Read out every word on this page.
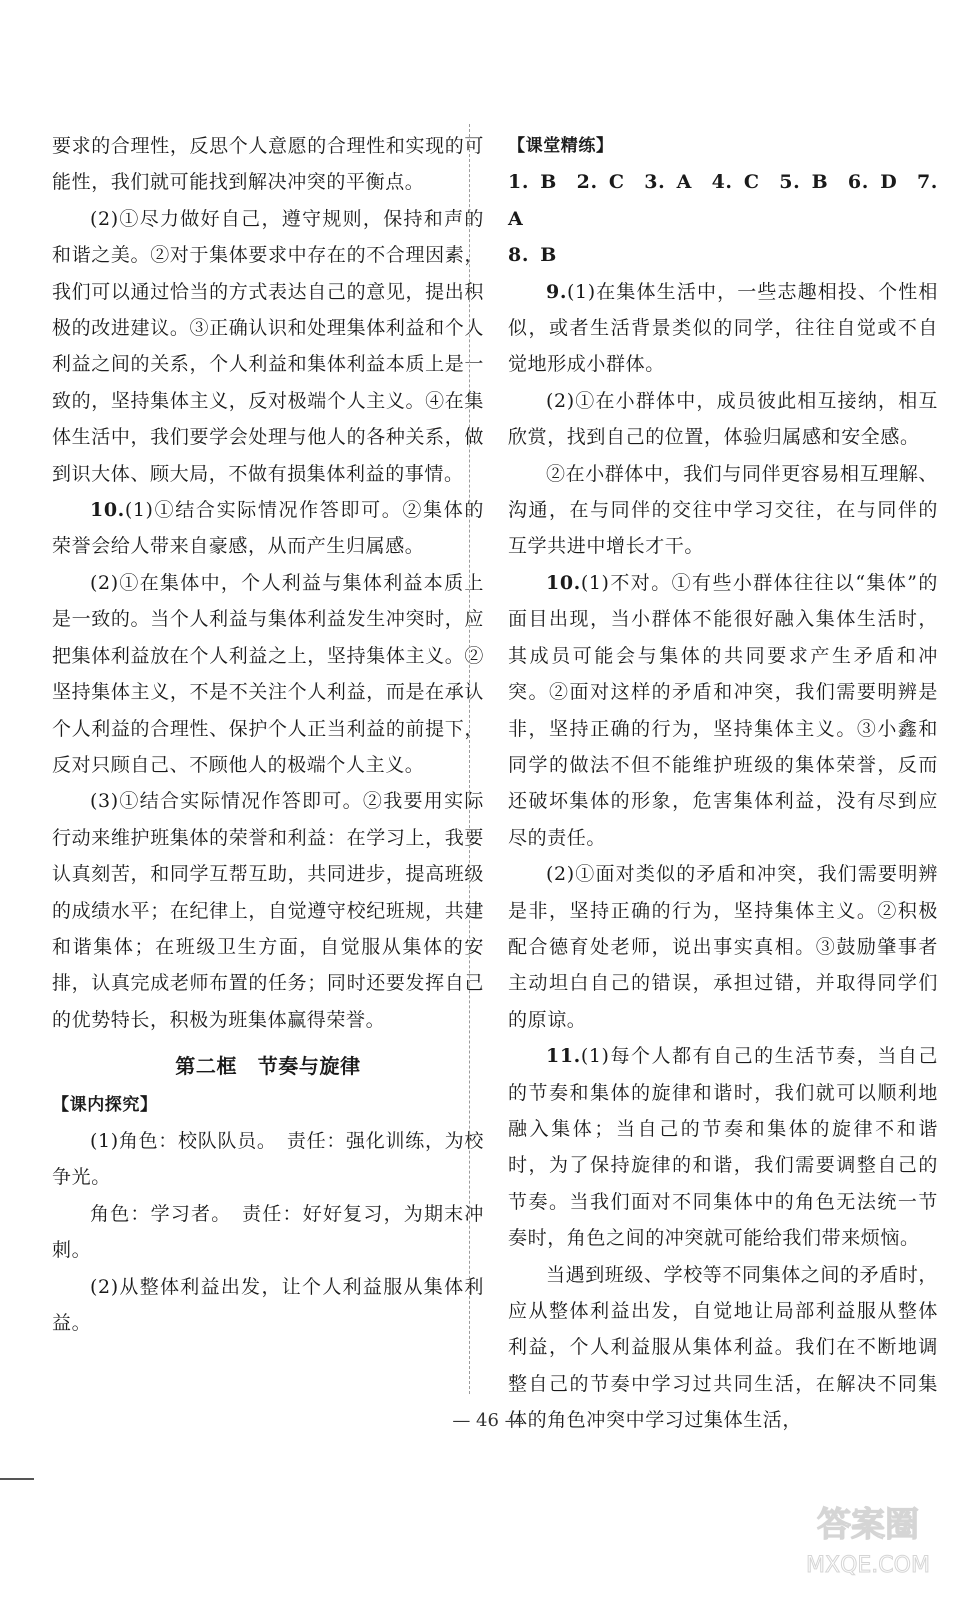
要求的合理性，反思个人意愿的合理性和实现的可能性，我们就可能找到解决冲突的平衡点。

(2)①尽力做好自己，遵守规则，保持和声的和谐之美。②对于集体要求中存在的不合理因素，我们可以通过恰当的方式表达自己的意见，提出积极的改进建议。③正确认识和处理集体利益和个人利益之间的关系，个人利益和集体利益本质上是一致的，坚持集体主义，反对极端个人主义。④在集体生活中，我们要学会处理与他人的各种关系，做到识大体、顾大局，不做有损集体利益的事情。

10.(1)①结合实际情况作答即可。②集体的荣誉会给人带来自豪感，从而产生归属感。

(2)①在集体中，个人利益与集体利益本质上是一致的。当个人利益与集体利益发生冲突时，应把集体利益放在个人利益之上，坚持集体主义。②坚持集体主义，不是不关注个人利益，而是在承认个人利益的合理性、保护个人正当利益的前提下，反对只顾自己、不顾他人的极端个人主义。

(3)①结合实际情况作答即可。②我要用实际行动来维护班集体的荣誉和利益：在学习上，我要认真刻苦，和同学互帮互助，共同进步，提高班级的成绩水平；在纪律上，自觉遵守校纪班规，共建和谐集体；在班级卫生方面，自觉服从集体的安排，认真完成老师布置的任务；同时还要发挥自己的优势特长，积极为班集体赢得荣誉。

第二框　节奏与旋律

【课内探究】

(1)角色：校队队员。　责任：强化训练，为校争光。

角色：学习者。　责任：好好复习，为期末冲刺。

(2)从整体利益出发，让个人利益服从集体利益。

【课堂精练】

1. B　2. C　3. A　4. C　5. B　6. D　7. A

8. B

9.(1)在集体生活中，一些志趣相投、个性相似，或者生活背景类似的同学，往往自觉或不自觉地形成小群体。

(2)①在小群体中，成员彼此相互接纳，相互欣赏，找到自己的位置，体验归属感和安全感。

②在小群体中，我们与同伴更容易相互理解、沟通，在与同伴的交往中学习交往，在与同伴的互学共进中增长才干。

10.(1)不对。①有些小群体往往以“集体”的面目出现，当小群体不能很好融入集体生活时，其成员可能会与集体的共同要求产生矛盾和冲突。②面对这样的矛盾和冲突，我们需要明辨是非，坚持正确的行为，坚持集体主义。③小鑫和同学的做法不但不能维护班级的集体荣誉，反而还破坏集体的形象，危害集体利益，没有尽到应尽的责任。

(2)①面对类似的矛盾和冲突，我们需要明辨是非，坚持正确的行为，坚持集体主义。②积极配合德育处老师，说出事实真相。③鼓励肇事者主动坦白自己的错误，承担过错，并取得同学们的原谅。

11.(1)每个人都有自己的生活节奏，当自己的节奏和集体的旋律和谐时，我们就可以顺利地融入集体；当自己的节奏和集体的旋律不和谐时，为了保持旋律的和谐，我们需要调整自己的节奏。当我们面对不同集体中的角色无法统一节奏时，角色之间的冲突就可能给我们带来烦恼。

当遇到班级、学校等不同集体之间的矛盾时，应从整体利益出发，自觉地让局部利益服从整体利益，个人利益服从集体利益。我们在不断地调整自己的节奏中学习过共同生活，在解决不同集体的角色冲突中学习过集体生活，

— 46 —
答案圈
MXQE.COM
